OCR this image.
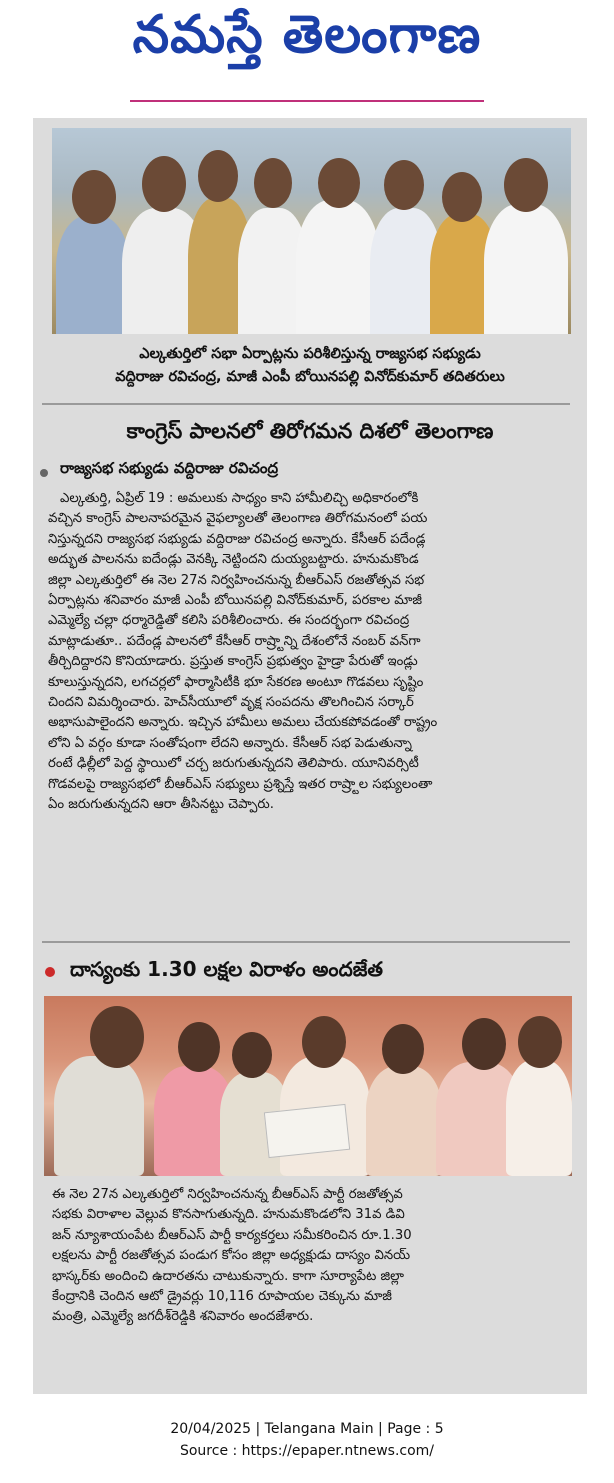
నమస్తే తెలంగాణ
ఎల్కతుర్తిలో సభా ఏర్పాట్లను పరిశీలిస్తున్న రాజ్యసభ సభ్యుడు
వద్దిరాజు రవిచంద్ర, మాజీ ఎంపీ బోయినపల్లి వినోద్‌కుమార్ తదితరులు
కాంగ్రెస్ పాలనలో తిరోగమన దిశలో తెలంగాణ
రాజ్యసభ సభ్యుడు వద్దిరాజు రవిచంద్ర

ఎల్కతుర్తి, ఏప్రిల్ 19 : అమలుకు సాధ్యం కాని హామీలిచ్చి అధికారంలోకి

వచ్చిన కాంగ్రెస్ పాలనాపరమైన వైఫల్యాలతో తెలంగాణ తిరోగమనంలో పయ

నిస్తున్నదని రాజ్యసభ సభ్యుడు వద్దిరాజు రవిచంద్ర అన్నారు. కేసీఆర్ పదేండ్ల

అద్భుత పాలనను ఐదేండ్లు వెనక్కి నెట్టిందని దుయ్యబట్టారు. హనుమకొండ

జిల్లా ఎల్కతుర్తిలో ఈ నెల 27న నిర్వహించనున్న బీఆర్‌ఎస్ రజతోత్సవ సభ

ఏర్పాట్లను శనివారం మాజీ ఎంపీ బోయినపల్లి వినోద్‌కుమార్, పరకాల మాజీ

ఎమ్మెల్యే చల్లా ధర్మారెడ్డితో కలిసి పరిశీలించారు. ఈ సందర్భంగా రవిచంద్ర

మాట్లాడుతూ.. పదేండ్ల పాలనలో కేసీఆర్ రాష్ర్టాన్ని దేశంలోనే నంబర్ వన్‌గా

తీర్చిదిద్దారని కొనియాడారు. ప్రస్తుత కాంగ్రెస్ ప్రభుత్వం హైడ్రా పేరుతో ఇండ్లు

కూలుస్తున్నదని, లగచర్లలో ఫార్మాసిటీకి భూ సేకరణ అంటూ గొడవలు సృష్టిం

చిందని విమర్శించారు. హెచ్‌సీయూలో వృక్ష సంపదను తొలగించిన సర్కార్

అభాసుపాలైందని అన్నారు. ఇచ్చిన హామీలు అమలు చేయకపోవడంతో రాష్ట్రం

లోని ఏ వర్గం కూడా సంతోషంగా లేదని అన్నారు. కేసీఆర్ సభ పెడుతున్నా

రంటే ఢిల్లీలో పెద్ద స్థాయిలో చర్చ జరుగుతున్నదని తెలిపారు. యూనివర్సిటీ

గొడవలపై రాజ్యసభలో బీఆర్‌ఎస్ సభ్యులు ప్రశ్నిస్తే ఇతర రాష్ర్టాల సభ్యులంతా

ఏం జరుగుతున్నదని ఆరా తీసినట్టు చెప్పారు.

దాస్యంకు 1.30 లక్షల విరాళం అందజేత

ఈ నెల 27న ఎల్కతుర్తిలో నిర్వహించనున్న బీఆర్‌ఎస్ పార్టీ రజతోత్సవ

సభకు విరాళాల వెల్లువ కొనసాగుతున్నది. హనుమకొండలోని 31వ డివి

జన్ న్యూశాయంపేట బీఆర్‌ఎస్ పార్టీ కార్యకర్తలు సమీకరించిన రూ.1.30

లక్షలను పార్టీ రజతోత్సవ పండుగ కోసం జిల్లా అధ్యక్షుడు దాస్యం వినయ్

భాస్కర్‌కు అందించి ఉదారతను చాటుకున్నారు. కాగా సూర్యాపేట జిల్లా

కేంద్రానికి చెందిన ఆటో డ్రైవర్లు 10,116 రూపాయల చెక్కును మాజీ

మంత్రి, ఎమ్మెల్యే జగదీశ్‌రెడ్డికి శనివారం అందజేశారు.

20/04/2025 | Telangana Main | Page : 5
Source : https://epaper.ntnews.com/
